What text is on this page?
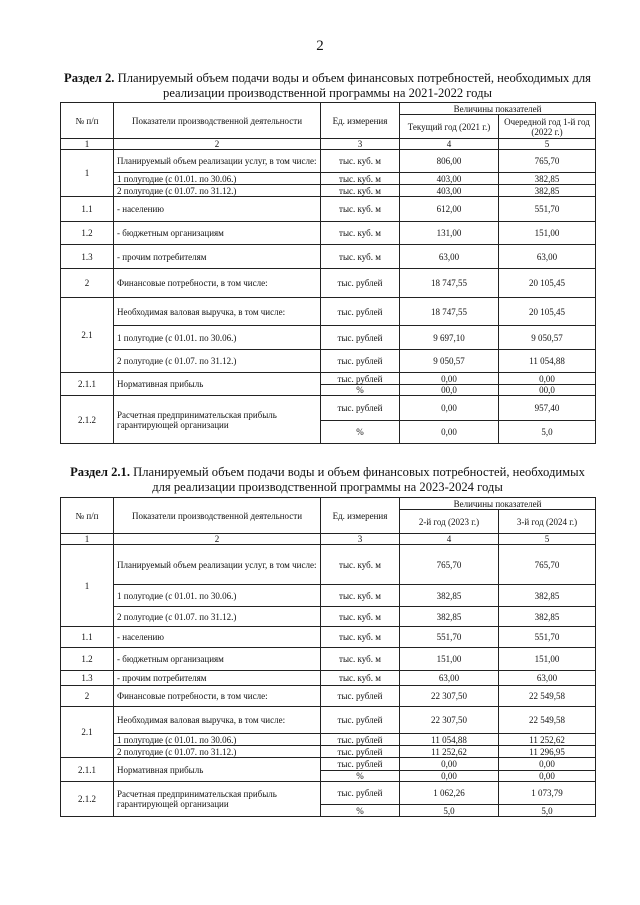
2
Раздел 2. Планируемый объем подачи воды и объем финансовых потребностей, необходимых для реализации производственной программы на 2021-2022 годы
№ п/п	Показатели производственной деятельности	Ед. измерения	Величины показателей	
			Текущий год (2021 г.)	Очередной год 1-й год (2022 г.)
1	2	3	4	5
1	Планируемый объем реализации услуг, в том числе:	тыс. куб. м	806,00	765,70
	1 полугодие (с 01.01. по 30.06.)	тыс. куб. м	403,00	382,85
	2 полугодие (с 01.07. по 31.12.)	тыс. куб. м	403,00	382,85
1.1	- населению	тыс. куб. м	612,00	551,70
1.2	- бюджетным организациям	тыс. куб. м	131,00	151,00
1.3	- прочим потребителям	тыс. куб. м	63,00	63,00
2	Финансовые потребности, в том числе:	тыс. рублей	18 747,55	20 105,45
2.1	Необходимая валовая выручка, в том числе:	тыс. рублей	18 747,55	20 105,45
	1 полугодие (с 01.01. по 30.06.)	тыс. рублей	9 697,10	9 050,57
	2 полугодие (с 01.07. по 31.12.)	тыс. рублей	9 050,57	11 054,88
2.1.1	Нормативная прибыль	тыс. рублей	0,00	0,00
		%	00,0	00,0
2.1.2	Расчетная предпринимательская прибыль гарантирующей организации	тыс. рублей	0,00	957,40
		%	0,00	5,0
Раздел 2.1. Планируемый объем подачи воды и объем финансовых потребностей, необходимых для реализации производственной программы на 2023-2024 годы
№ п/п	Показатели производственной деятельности	Ед. измерения	Величины показателей	
			2-й год (2023 г.)	3-й год (2024 г.)
1	2	3	4	5
1	Планируемый объем реализации услуг, в том числе:	тыс. куб. м	765,70	765,70
	1 полугодие (с 01.01. по 30.06.)	тыс. куб. м	382,85	382,85
	2 полугодие (с 01.07. по 31.12.)	тыс. куб. м	382,85	382,85
1.1	- населению	тыс. куб. м	551,70	551,70
1.2	- бюджетным организациям	тыс. куб. м	151,00	151,00
1.3	- прочим потребителям	тыс. куб. м	63,00	63,00
2	Финансовые потребности, в том числе:	тыс. рублей	22 307,50	22 549,58
2.1	Необходимая валовая выручка, в том числе:	тыс. рублей	22 307,50	22 549,58
	1 полугодие (с 01.01. по 30.06.)	тыс. рублей	11 054,88	11 252,62
	2 полугодие (с 01.07. по 31.12.)	тыс. рублей	11 252,62	11 296,95
2.1.1	Нормативная прибыль	тыс. рублей	0,00	0,00
		%	0,00	0,00
2.1.2	Расчетная предпринимательская прибыль гарантирующей организации	тыс. рублей	1 062,26	1 073,79
		%	5,0	5,0
